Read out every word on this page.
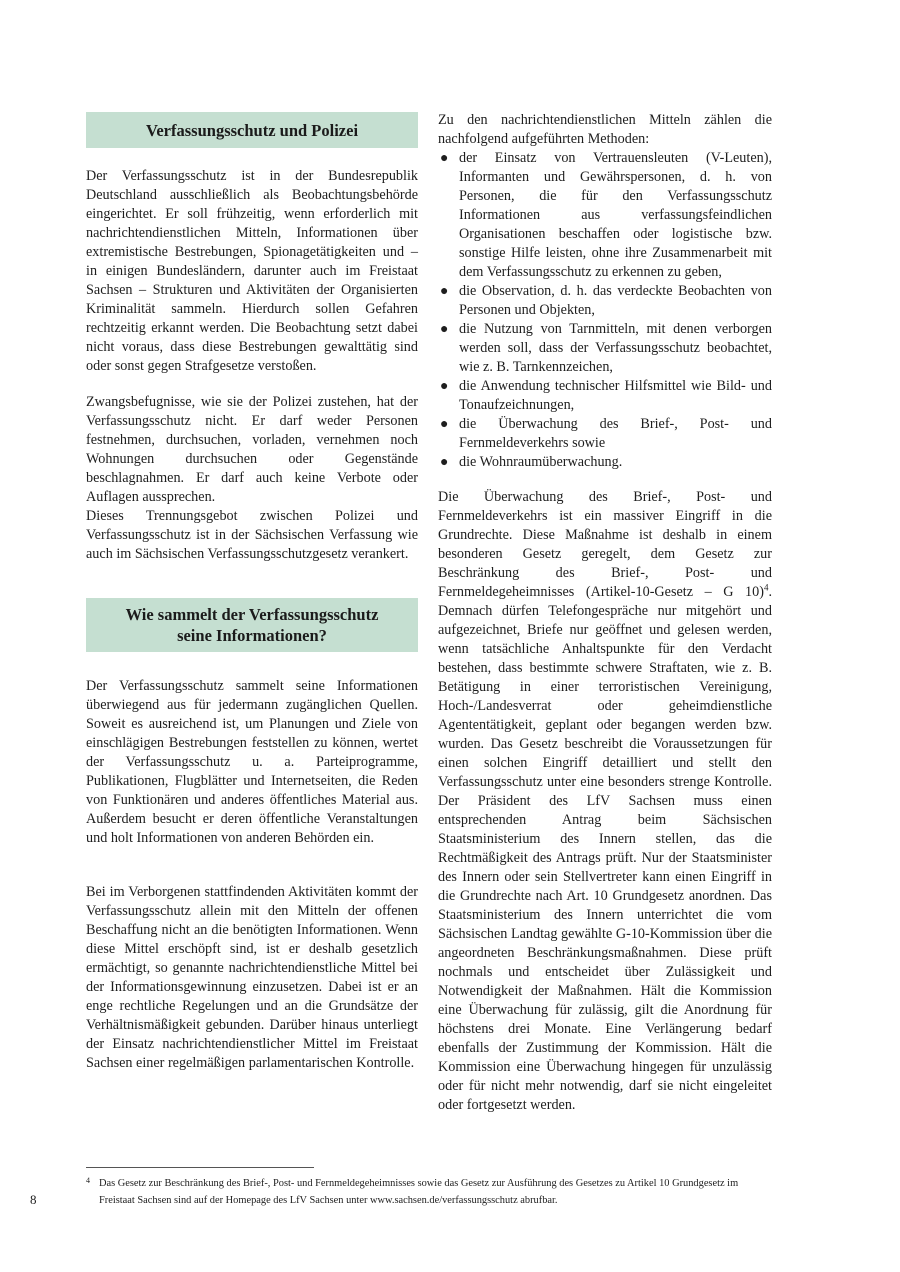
Verfassungsschutz und Polizei

Der Verfassungsschutz ist in der Bundesrepublik Deutschland ausschließlich als Beobachtungsbehörde eingerichtet. Er soll frühzeitig, wenn erforderlich mit nachrichtendienstlichen Mitteln, Informationen über extremistische Bestrebungen, Spionagetätigkeiten und – in einigen Bundesländern, darunter auch im Freistaat Sachsen – Strukturen und Aktivitäten der Organisierten Kriminalität sammeln. Hierdurch sollen Gefahren rechtzeitig erkannt werden. Die Beobachtung setzt dabei nicht voraus, dass diese Bestrebungen gewalttätig sind oder sonst gegen Strafgesetze verstoßen.

Zwangsbefugnisse, wie sie der Polizei zustehen, hat der Verfassungsschutz nicht. Er darf weder Personen festnehmen, durchsuchen, vorladen, vernehmen noch Wohnungen durchsuchen oder Gegenstände beschlagnahmen. Er darf auch keine Verbote oder Auflagen aussprechen.

Dieses Trennungsgebot zwischen Polizei und Verfassungsschutz ist in der Sächsischen Verfassung wie auch im Sächsischen Verfassungsschutzgesetz verankert.

Wie sammelt der Verfassungsschutz
seine Informationen?

Der Verfassungsschutz sammelt seine Informationen überwiegend aus für jedermann zugänglichen Quellen. Soweit es ausreichend ist, um Planungen und Ziele von einschlägigen Bestrebungen feststellen zu können, wertet der Verfassungsschutz u. a. Parteiprogramme, Publikationen, Flugblätter und Internetseiten, die Reden von Funktionären und anderes öffentliches Material aus. Außerdem besucht er deren öffentliche Veranstaltungen und holt Informationen von anderen Behörden ein.

Bei im Verborgenen stattfindenden Aktivitäten kommt der Verfassungsschutz allein mit den Mitteln der offenen Beschaffung nicht an die benötigten Informationen. Wenn diese Mittel erschöpft sind, ist er deshalb gesetzlich ermächtigt, so genannte nachrichtendienstliche Mittel bei der Informationsgewinnung einzusetzen. Dabei ist er an enge rechtliche Regelungen und an die Grundsätze der Verhältnismäßigkeit gebunden. Darüber hinaus unterliegt der Einsatz nachrichtendienstlicher Mittel im Freistaat Sachsen einer regelmäßigen parlamentarischen Kontrolle.

Zu den nachrichtendienstlichen Mitteln zählen die nachfolgend aufgeführten Methoden:

● der Einsatz von Vertrauensleuten (V-Leuten), Informanten und Gewährspersonen, d. h. von Personen, die für den Verfassungsschutz Informationen aus verfassungsfeindlichen Organisationen beschaffen oder logistische bzw. sonstige Hilfe leisten, ohne ihre Zusammenarbeit mit dem Verfassungsschutz zu erkennen zu geben,
● die Observation, d. h. das verdeckte Beobachten von Personen und Objekten,
● die Nutzung von Tarnmitteln, mit denen verborgen werden soll, dass der Verfassungsschutz beobachtet, wie z. B. Tarnkennzeichen,
● die Anwendung technischer Hilfsmittel wie Bild- und Tonaufzeichnungen,
● die Überwachung des Brief-, Post- und Fernmeldeverkehrs sowie
● die Wohnraumüberwachung.

Die Überwachung des Brief-, Post- und Fernmeldeverkehrs ist ein massiver Eingriff in die Grundrechte. Diese Maßnahme ist deshalb in einem besonderen Gesetz geregelt, dem Gesetz zur Beschränkung des Brief-, Post- und Fernmeldegeheimnisses (Artikel-10-Gesetz – G 10)$^4$. Demnach dürfen Telefongespräche nur mitgehört und aufgezeichnet, Briefe nur geöffnet und gelesen werden, wenn tatsächliche Anhaltspunkte für den Verdacht bestehen, dass bestimmte schwere Straftaten, wie z. B. Betätigung in einer terroristischen Vereinigung, Hoch-/Landesverrat oder geheimdienstliche Agententätigkeit, geplant oder begangen werden bzw. wurden. Das Gesetz beschreibt die Voraussetzungen für einen solchen Eingriff detailliert und stellt den Verfassungsschutz unter eine besonders strenge Kontrolle. Der Präsident des LfV Sachsen muss einen entsprechenden Antrag beim Sächsischen Staatsministerium des Innern stellen, das die Rechtmäßigkeit des Antrags prüft. Nur der Staatsminister des Innern oder sein Stellvertreter kann einen Eingriff in die Grundrechte nach Art. 10 Grundgesetz anordnen. Das Staatsministerium des Innern unterrichtet die vom Sächsischen Landtag gewählte G-10-Kommission über die angeordneten Beschränkungsmaßnahmen. Diese prüft nochmals und entscheidet über Zulässigkeit und Notwendigkeit der Maßnahmen. Hält die Kommission eine Überwachung für zulässig, gilt die Anordnung für höchstens drei Monate. Eine Verlängerung bedarf ebenfalls der Zustimmung der Kommission. Hält die Kommission eine Überwachung hingegen für unzulässig oder für nicht mehr notwendig, darf sie nicht eingeleitet oder fortgesetzt werden.

4 Das Gesetz zur Beschränkung des Brief-, Post- und Fernmeldegeheimnisses sowie das Gesetz zur Ausführung des Gesetzes zu Artikel 10 Grundgesetz im Freistaat Sachsen sind auf der Homepage des LfV Sachsen unter www.sachsen.de/verfassungsschutz abrufbar.

8
